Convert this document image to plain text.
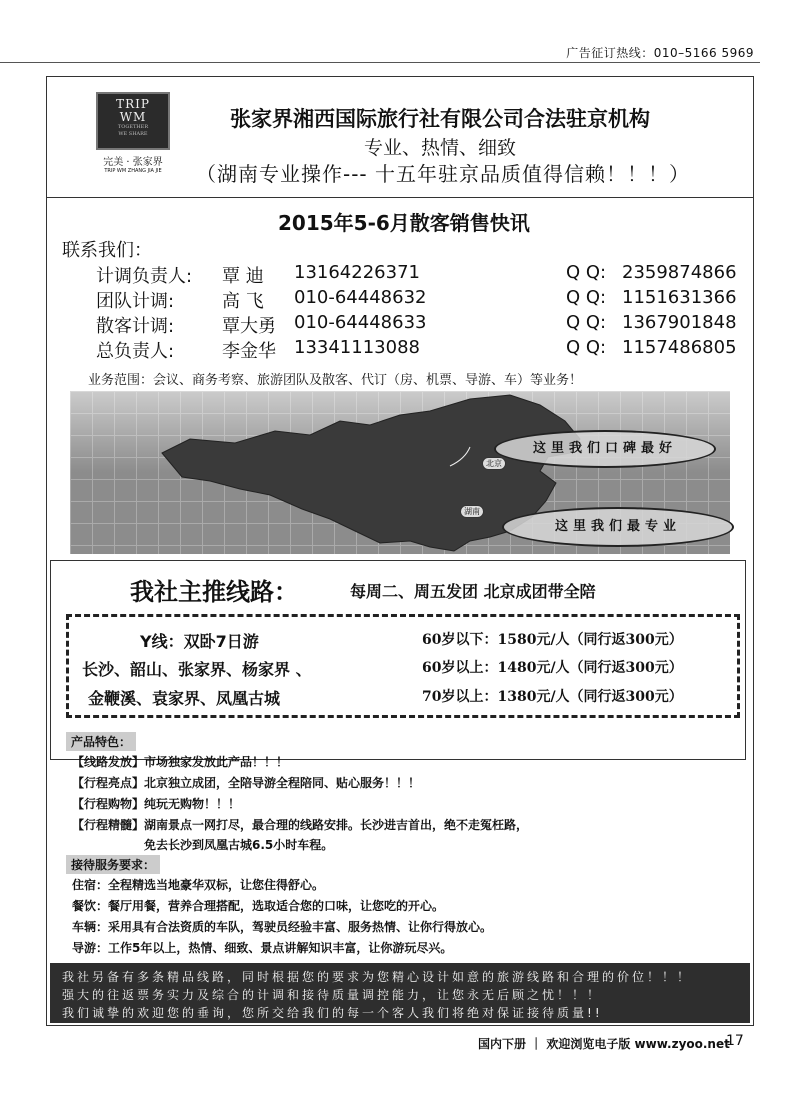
广告征订热线：010–5166 5969
TRIP
WM
TOGETHER
WE SHARE
完美 · 张家界
TRIP WM ZHANG JIA JIE
张家界湘西国际旅行社有限公司合法驻京机构
专业、热情、细致
（湖南专业操作--- 十五年驻京品质值得信赖！！！）
2015年5-6月散客销售快讯
联系我们：
计调负责人: 覃 迪 13164226371	Q Q: 2359874866
团队计调:	高 飞 010-64448632	Q Q: 1151631366
散客计调:	覃大勇 010-64448633	Q Q: 1367901848
总负责人:	李金华 13341113088	Q Q: 1157486805
业务范围：会议、商务考察、旅游团队及散客、代订（房、机票、导游、车）等业务！
这里我们口碑最好
这里我们最专业
北京
湖南
我社主推线路：	每周二、周五发团 北京成团带全陪
Y线：双卧7日游
长沙、韶山、张家界、杨家界 、
金鞭溪、袁家界、凤凰古城
60岁以下：1580元/人（同行返300元）
60岁以上：1480元/人（同行返300元）
70岁以上：1380元/人（同行返300元）
产品特色：
【线路发放】市场独家发放此产品！！！
【行程亮点】北京独立成团，全陪导游全程陪同、贴心服务！！！
【行程购物】纯玩无购物！！！
【行程精髓】湖南景点一网打尽，最合理的线路安排。长沙进吉首出，绝不走冤枉路，
　　　　　　免去长沙到凤凰古城6.5小时车程。
接待服务要求：
住宿：全程精选当地豪华双标，让您住得舒心。
餐饮：餐厅用餐，营养合理搭配，选取适合您的口味，让您吃的开心。
车辆：采用具有合法资质的车队，驾驶员经验丰富、服务热情、让你行得放心。
导游：工作5年以上，热情、细致、景点讲解知识丰富，让你游玩尽兴。
我社另备有多条精品线路，同时根据您的要求为您精心设计如意的旅游线路和合理的价位！！！
强大的往返票务实力及综合的计调和接待质量调控能力，让您永无后顾之忧！！！
我们诚挚的欢迎您的垂询，您所交给我们的每一个客人我们将绝对保证接待质量!!
国内下册 ｜ 欢迎浏览电子版 www.zyoo.net
17
